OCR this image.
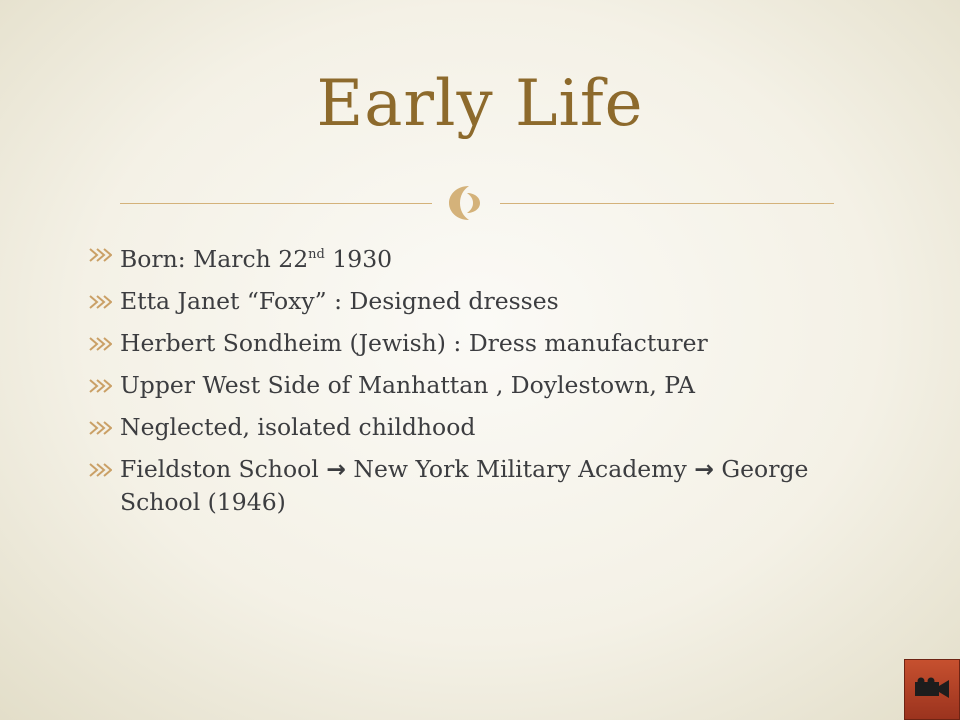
Early Life
Born: March 22nd 1930
Etta Janet “Foxy” : Designed dresses
Herbert Sondheim (Jewish) : Dress manufacturer
Upper West Side of Manhattan , Doylestown, PA
Neglected, isolated childhood
Fieldston School → New York Military Academy → George School (1946)
